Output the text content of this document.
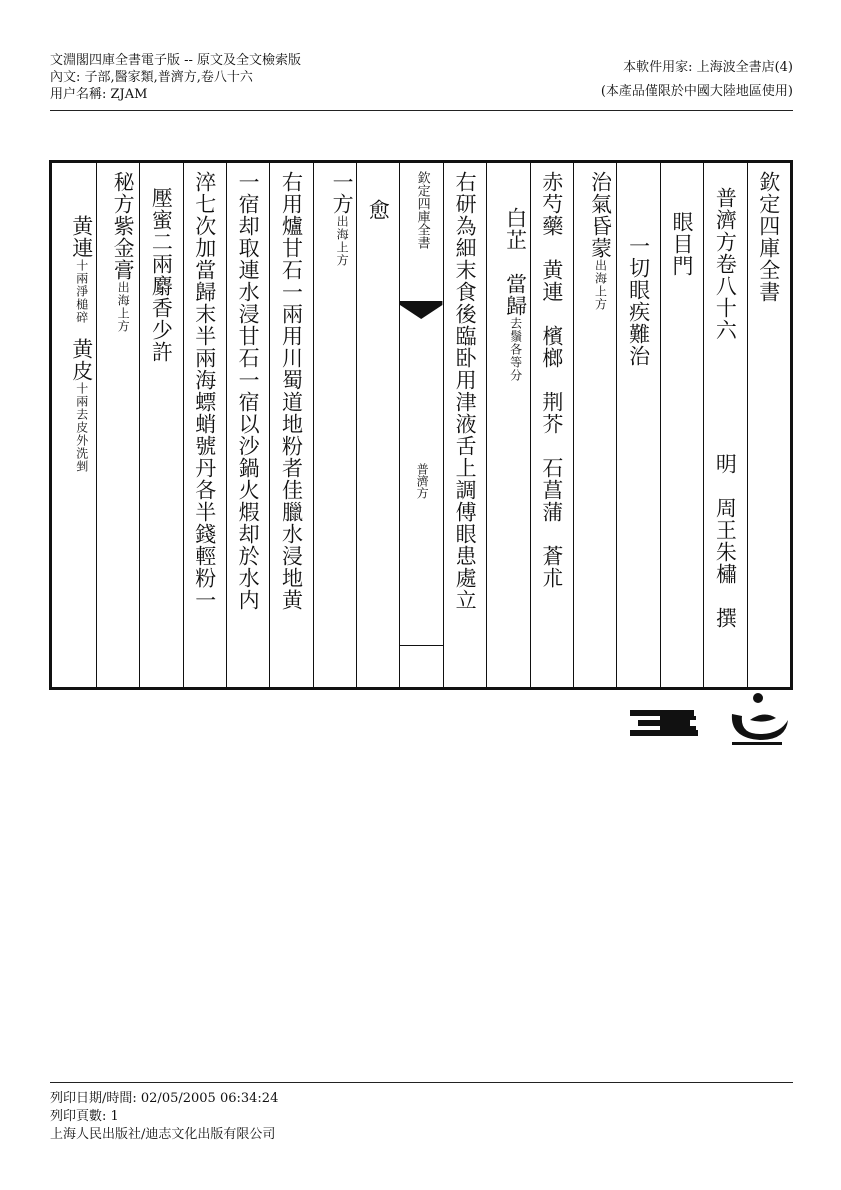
文淵閣四庫全書電子版 -- 原文及全文檢索版
內文: 子部,醫家類,普濟方,卷八十六
用户名稱: ZJAM
本軟件用家: 上海波全書店(4)
(本產品僅限於中國大陸地區使用)
欽定四庫全書
普濟方卷八十六
明　周王朱橚　撰
眼目門
一切眼疾難治
治氣昏蒙
出海
上方
赤芍藥　黄連　檳榔　荆芥　石菖蒲　蒼朮
白芷　當歸
去鬚各
等分
右研為細末食後臨卧用津液舌上調傅眼患處立
欽定四庫全書
普濟方
愈
一方
出海
上方
右用爐甘石一兩用川蜀道地粉者佳臘水浸地黄
一宿却取連水浸甘石一宿以沙鍋火煆却於水内
淬七次加當歸末半兩海螵蛸號丹各半錢輕粉一
壓蜜二兩麝香少許
秘方紫金膏
出海
上方
黄連
十兩淨
槌碎
黄皮
十兩去皮
外洗剉
列印日期/時間: 02/05/2005 06:34:24
列印頁數: 1
上海人民出版社/迪志文化出版有限公司
